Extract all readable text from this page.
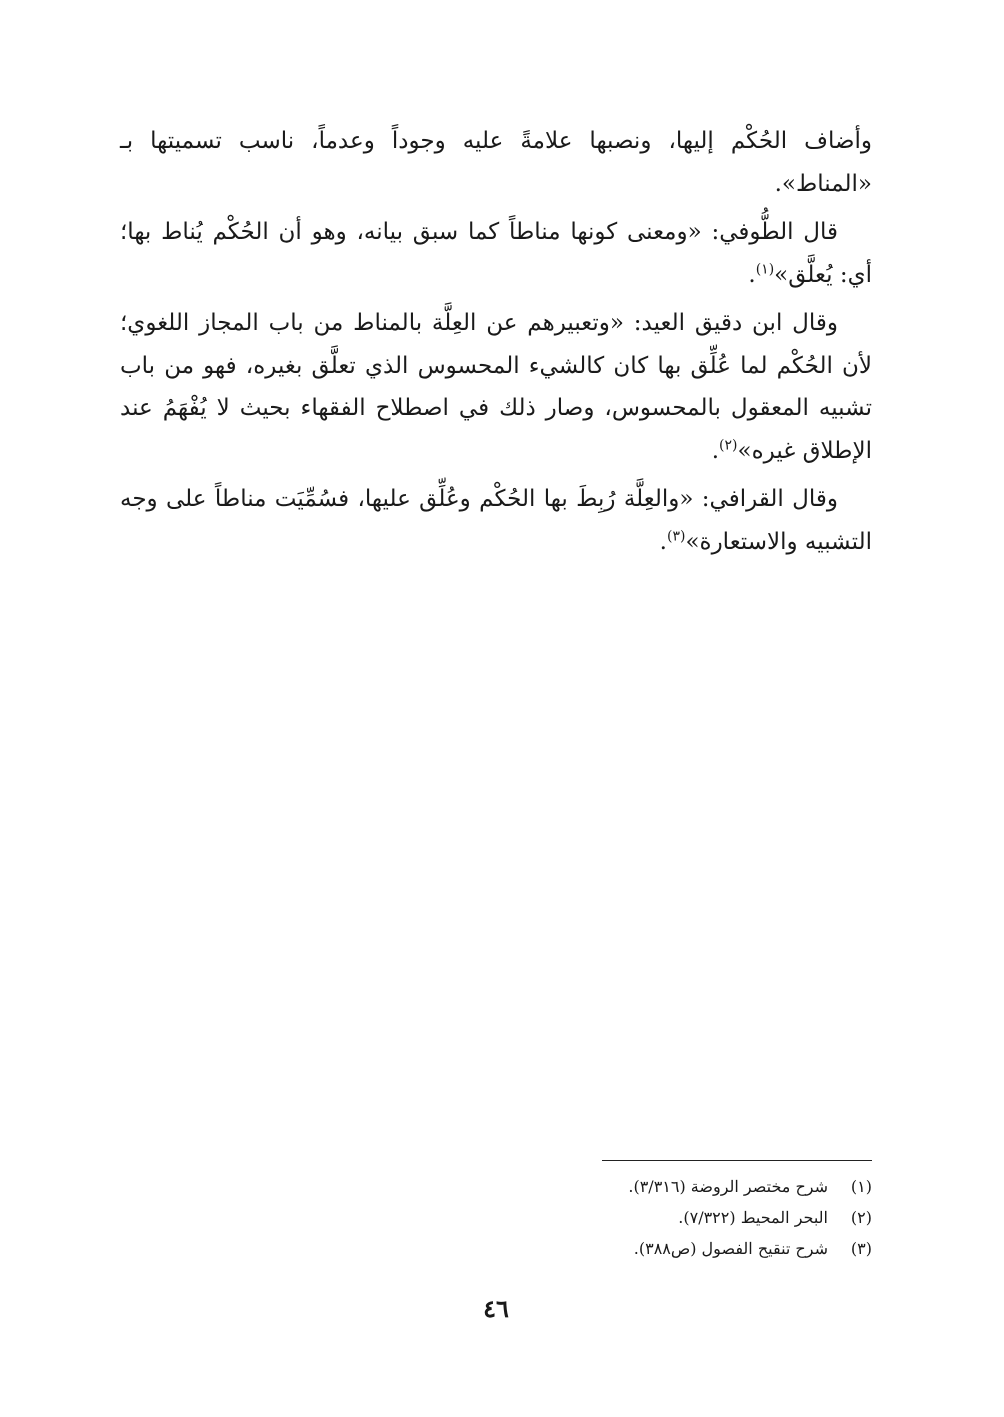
وأضاف الحُكْم إليها، ونصبها علامةً عليه وجوداً وعدماً، ناسب تسميتها بـ «المناط».

قال الطُّوفي: «ومعنى كونها مناطاً كما سبق بيانه، وهو أن الحُكْم يُناط بها؛ أي: يُعلَّق»$^{(١)}$.

وقال ابن دقيق العيد: «وتعبيرهم عن العِلَّة بالمناط من باب المجاز اللغوي؛ لأن الحُكْم لما عُلِّق بها كان كالشيء المحسوس الذي تعلَّق بغيره، فهو من باب تشبيه المعقول بالمحسوس، وصار ذلك في اصطلاح الفقهاء بحيث لا يُفْهَمُ عند الإطلاق غيره»$^{(٢)}$.

وقال القرافي: «والعِلَّة رُبِطَ بها الحُكْم وعُلِّق عليها، فسُمِّيَت مناطاً على وجه التشبيه والاستعارة»$^{(٣)}$.

(١)
شرح مختصر الروضة (٣/٣١٦).
(٢)
البحر المحيط (٧/٣٢٢).
(٣)
شرح تنقيح الفصول (ص٣٨٨).
٤٦
